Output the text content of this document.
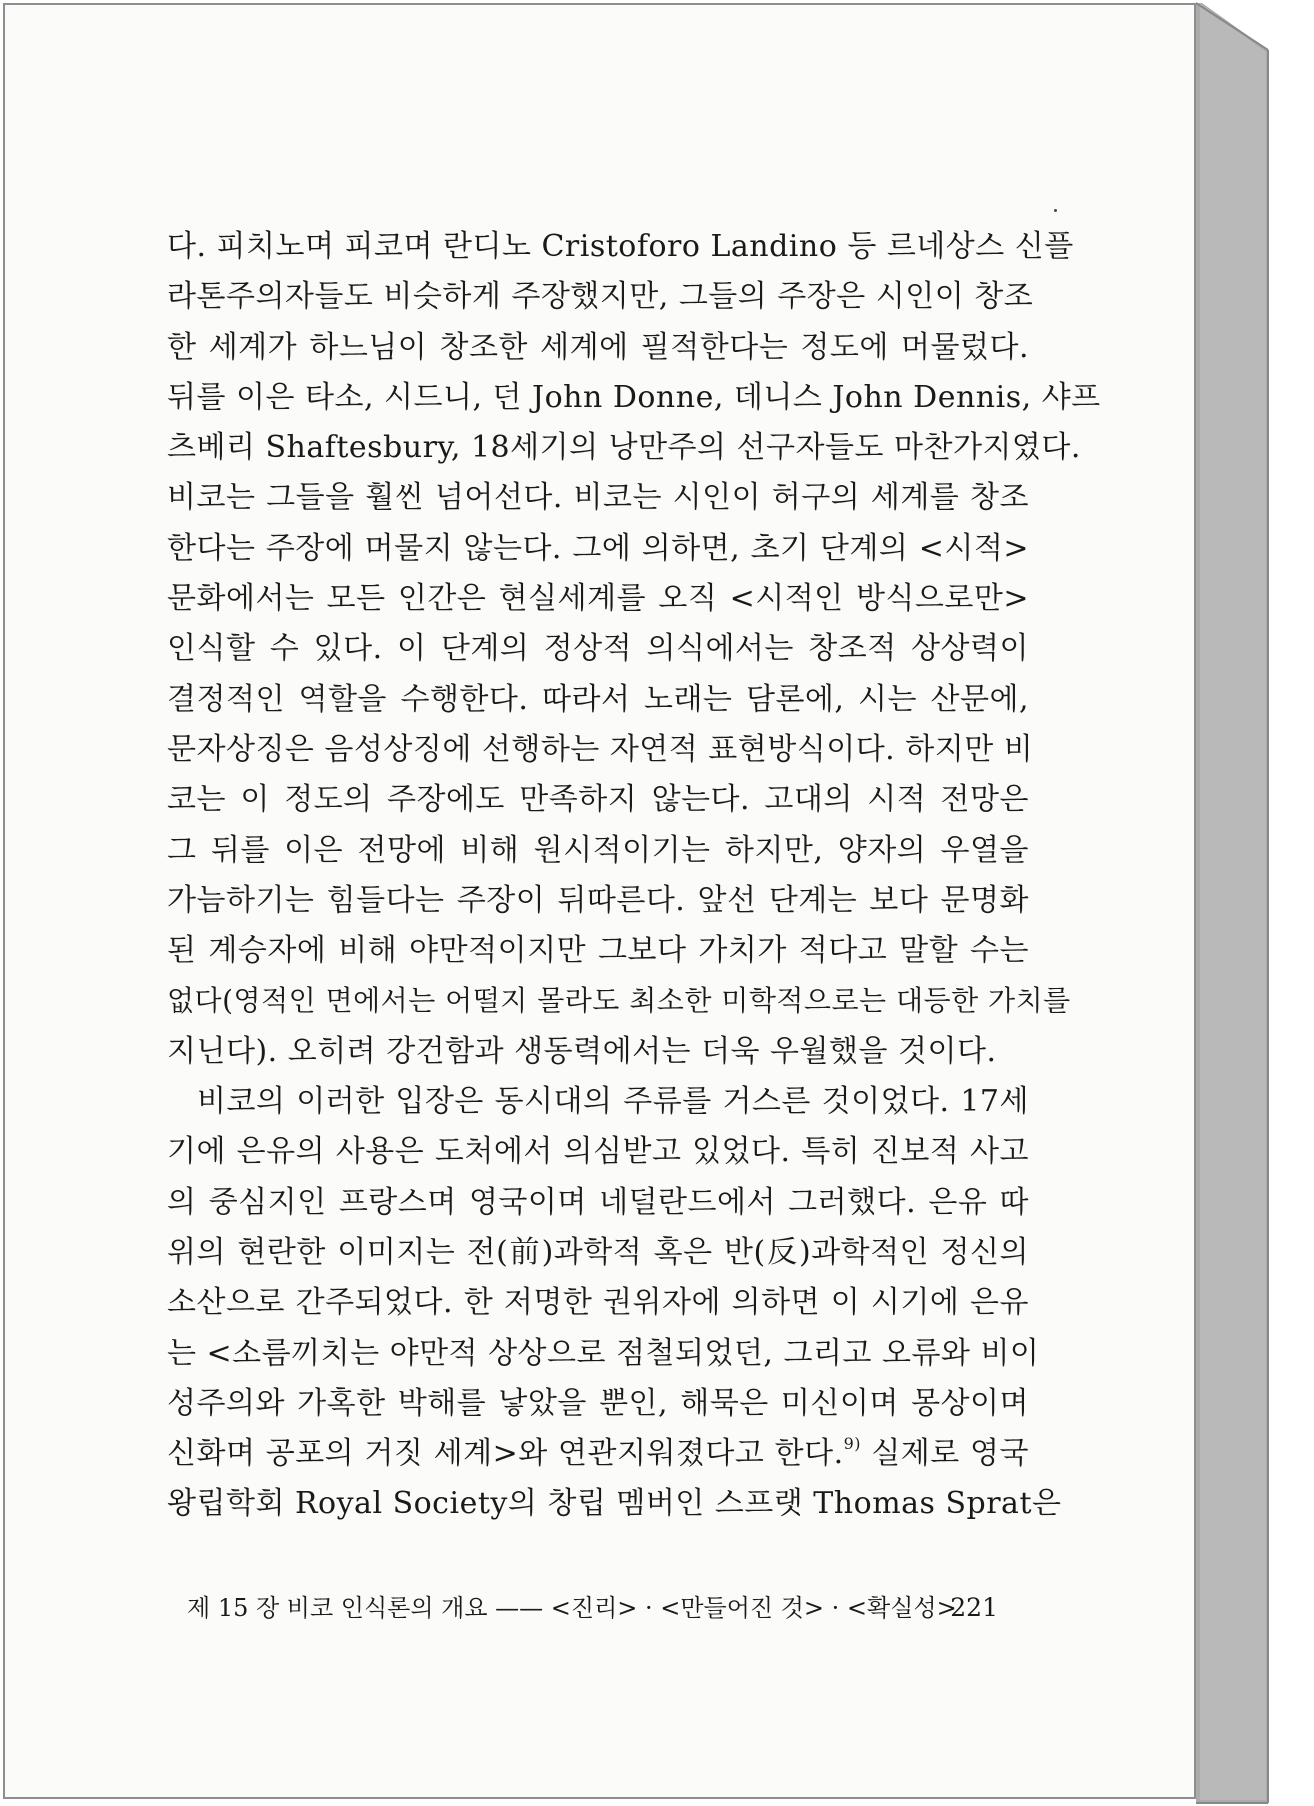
다. 피치노며 피코며 란디노 Cristoforo Landino 등 르네상스 신플
라톤주의자들도 비슷하게 주장했지만, 그들의 주장은 시인이 창조
한 세계가 하느님이 창조한 세계에 필적한다는 정도에 머물렀다.
뒤를 이은 타소, 시드니, 던 John Donne, 데니스 John Dennis, 샤프
츠베리 Shaftesbury, 18세기의 낭만주의 선구자들도 마찬가지였다.
비코는 그들을 훨씬 넘어선다. 비코는 시인이 허구의 세계를 창조
한다는 주장에 머물지 않는다. 그에 의하면, 초기 단계의 <시적>
문화에서는 모든 인간은 현실세계를 오직 <시적인 방식으로만>
인식할 수 있다. 이 단계의 정상적 의식에서는 창조적 상상력이
결정적인 역할을 수행한다. 따라서 노래는 담론에, 시는 산문에,
문자상징은 음성상징에 선행하는 자연적 표현방식이다. 하지만 비
코는 이 정도의 주장에도 만족하지 않는다. 고대의 시적 전망은
그 뒤를 이은 전망에 비해 원시적이기는 하지만, 양자의 우열을
가늠하기는 힘들다는 주장이 뒤따른다. 앞선 단계는 보다 문명화
된 계승자에 비해 야만적이지만 그보다 가치가 적다고 말할 수는
없다(영적인 면에서는 어떨지 몰라도 최소한 미학적으로는 대등한 가치를
지닌다). 오히려 강건함과 생동력에서는 더욱 우월했을 것이다.
비코의 이러한 입장은 동시대의 주류를 거스른 것이었다. 17세
기에 은유의 사용은 도처에서 의심받고 있었다. 특히 진보적 사고
의 중심지인 프랑스며 영국이며 네덜란드에서 그러했다. 은유 따
위의 현란한 이미지는 전(前)과학적 혹은 반(反)과학적인 정신의
소산으로 간주되었다. 한 저명한 권위자에 의하면 이 시기에 은유
는 <소름끼치는 야만적 상상으로 점철되었던, 그리고 오류와 비이
성주의와 가혹한 박해를 낳았을 뿐인, 해묵은 미신이며 몽상이며
신화며 공포의 거짓 세계>와 연관지워졌다고 한다.$^{9)}$ 실제로 영국
왕립학회 Royal Society의 창립 멤버인 스프랫 Thomas Sprat은
제 15 장 비코 인식론의 개요 —— <진리> · <만들어진 것> · <확실성>
221
